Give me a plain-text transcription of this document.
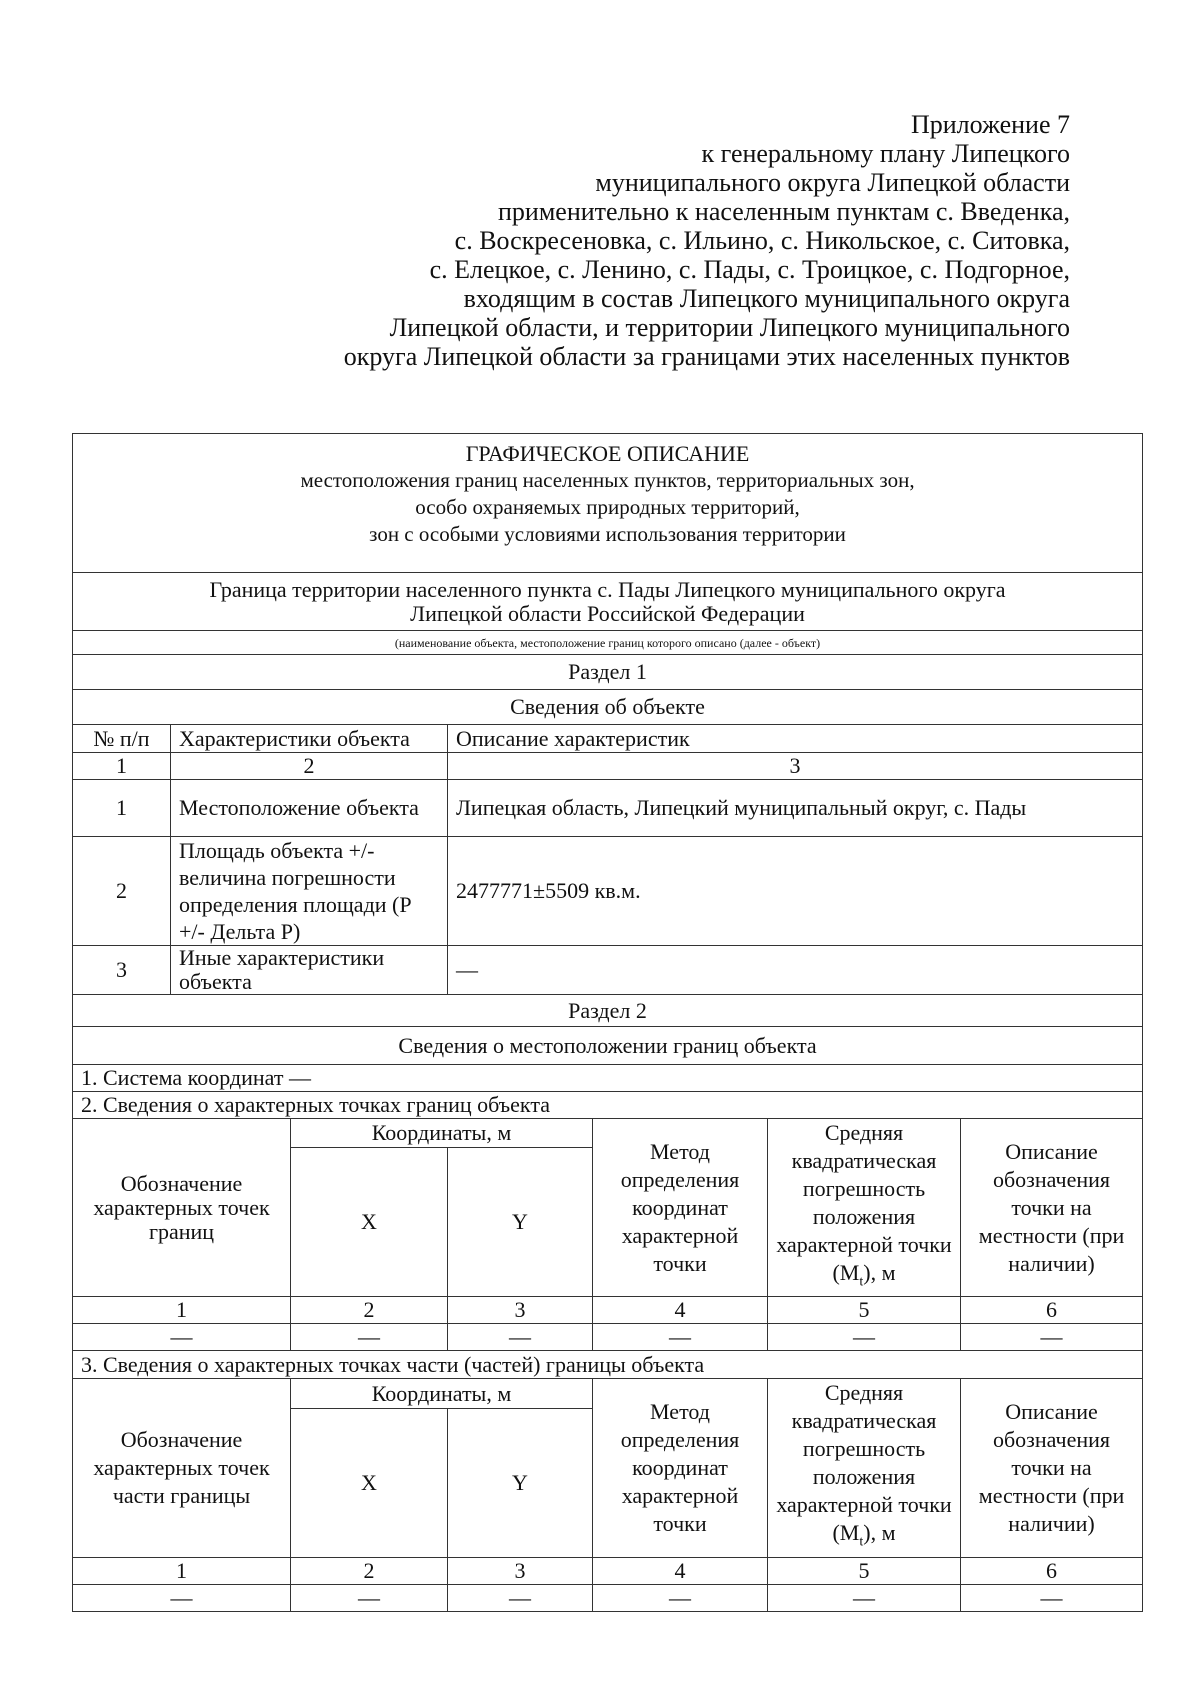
Приложение 7
к генеральному плану Липецкого
муниципального округа Липецкой области
применительно к населенным пунктам с. Введенка,
с. Воскресеновка, с. Ильино, с. Никольское, с. Ситовка,
с. Елецкое, с. Ленино, с. Пады, с. Троицкое, с. Подгорное,
входящим в состав Липецкого муниципального округа
Липецкой области, и территории Липецкого муниципального
округа Липецкой области за границами этих населенных пунктов
ГРАФИЧЕСКОЕ ОПИСАНИЕ
местоположения границ населенных пунктов, территориальных зон,
особо охраняемых природных территорий,
зон с особыми условиями использования территории						

Граница территории населенного пункта с. Пады Липецкого муниципального округа
Липецкой области Российской Федерации						

(наименование объекта, местоположение границ которого описано (далее - объект)						
Раздел 1						
Сведения об объекте						
№ п/п	Характеристики объекта		Описание характеристик			
1	2		3			
1	Местоположение объекта		Липецкая область, Липецкий муниципальный округ, с. Пады			
2	Площадь объекта +/- величина погрешности определения площади (P +/- Дельта P)		2477771±5509 кв.м.			
3	Иные характеристики объекта		—			
Раздел 2						
Сведения о местоположении границ объекта						
1. Система координат —						
2. Сведения о характерных точках границ объекта						
Обозначение характерных точек границ		Координаты, м		Метод определения координат характерной точки	Средняя квадратическая погрешность положения характерной точки $(M_t)$, м	Описание обозначения точки на местности (при наличии)
		X	Y			
1		2	3	4	5	6
—		—	—	—	—	—
3. Сведения о характерных точках части (частей) границы объекта						
Обозначение характерных точек части границы		Координаты, м		Метод определения координат характерной точки	Средняя квадратическая погрешность положения характерной точки $(M_t)$, м	Описание обозначения точки на местности (при наличии)
		X	Y			
1		2	3	4	5	6
—		—	—	—	—	—
